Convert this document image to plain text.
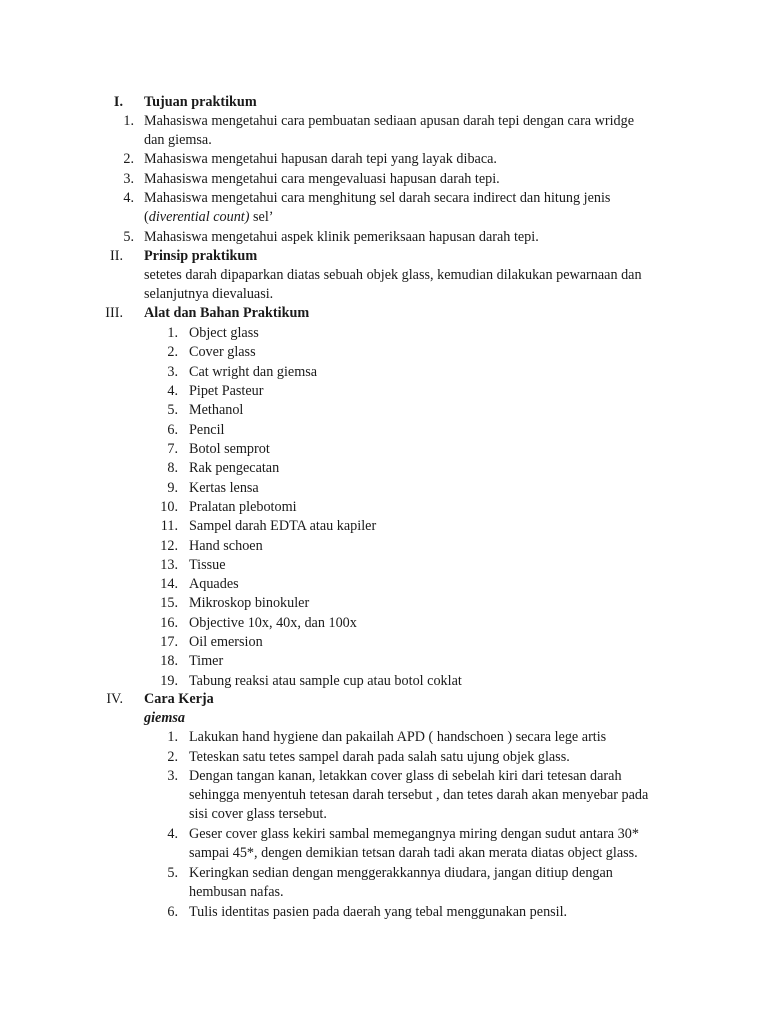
I. Tujuan praktikum
1. Mahasiswa mengetahui cara pembuatan sediaan apusan darah tepi dengan cara wridge
dan giemsa.
2. Mahasiswa mengetahui hapusan darah tepi yang layak dibaca.
3. Mahasiswa mengetahui cara mengevaluasi hapusan darah tepi.
4. Mahasiswa mengetahui cara menghitung sel darah secara indirect dan hitung jenis
(diverential count) sel’
5. Mahasiswa mengetahui aspek klinik pemeriksaan hapusan darah tepi.
II. Prinsip praktikum
setetes darah dipaparkan diatas sebuah objek glass, kemudian dilakukan pewarnaan dan
selanjutnya dievaluasi.
III. Alat dan Bahan Praktikum
1. Object glass
2. Cover glass
3. Cat wright dan giemsa
4. Pipet Pasteur
5. Methanol
6. Pencil
7. Botol semprot
8. Rak pengecatan
9. Kertas lensa
10. Pralatan plebotomi
11. Sampel darah EDTA atau kapiler
12. Hand schoen
13. Tissue
14. Aquades
15. Mikroskop binokuler
16. Objective 10x, 40x, dan 100x
17. Oil emersion
18. Timer
19. Tabung reaksi atau sample cup atau botol coklat
IV. Cara Kerja
giemsa
1. Lakukan hand hygiene dan pakailah APD ( handschoen ) secara lege artis
2. Teteskan satu tetes sampel darah pada salah satu ujung objek glass.
3. Dengan tangan kanan, letakkan cover glass di sebelah kiri dari tetesan darah
sehingga menyentuh tetesan darah tersebut , dan tetes darah akan menyebar pada
sisi cover glass tersebut.
4. Geser cover glass kekiri sambal memegangnya miring dengan sudut antara 30*
sampai 45*, dengen demikian tetsan darah tadi akan merata diatas object glass.
5. Keringkan sedian dengan menggerakkannya diudara, jangan ditiup dengan
hembusan nafas.
6. Tulis identitas pasien pada daerah yang tebal menggunakan pensil.
